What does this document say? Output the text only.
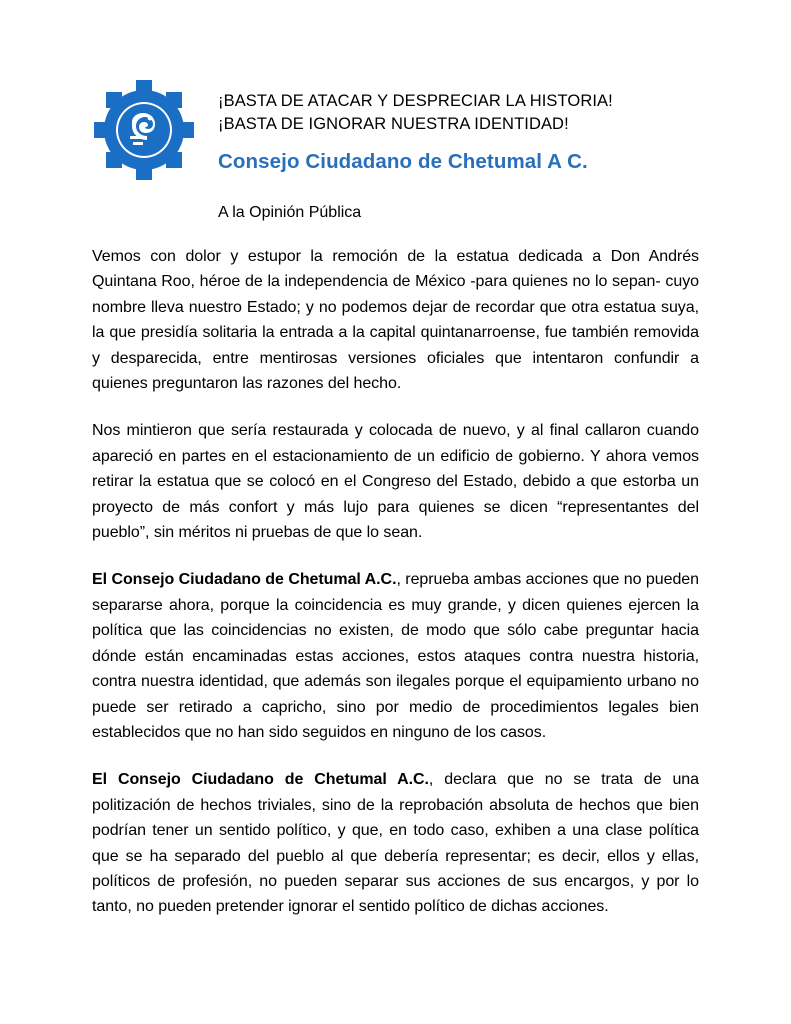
¡BASTA DE ATACAR Y DESPRECIAR LA HISTORIA!
¡BASTA DE IGNORAR NUESTRA IDENTIDAD!
Consejo Ciudadano de Chetumal A C.
A la Opinión Pública

Vemos con dolor y estupor la remoción de la estatua dedicada a Don Andrés Quintana Roo, héroe de la independencia de México -para quienes no lo sepan- cuyo nombre lleva nuestro Estado; y no podemos dejar de recordar que otra estatua suya, la que presidía solitaria la entrada a la capital quintanarroense, fue también removida y desparecida, entre mentirosas versiones oficiales que intentaron confundir a quienes preguntaron las razones del hecho.

Nos mintieron que sería restaurada y colocada de nuevo, y al final callaron cuando apareció en partes en el estacionamiento de un edificio de gobierno. Y ahora vemos retirar la estatua que se colocó en el Congreso del Estado, debido a que estorba un proyecto de más confort y más lujo para quienes se dicen “representantes del pueblo”, sin méritos ni pruebas de que lo sean.

El Consejo Ciudadano de Chetumal A.C., reprueba ambas acciones que no pueden separarse ahora, porque la coincidencia es muy grande, y dicen quienes ejercen la política que las coincidencias no existen, de modo que sólo cabe preguntar hacia dónde están encaminadas estas acciones, estos ataques contra nuestra historia, contra nuestra identidad, que además son ilegales porque el equipamiento urbano no puede ser retirado a capricho, sino por medio de procedimientos legales bien establecidos que no han sido seguidos en ninguno de los casos.

El Consejo Ciudadano de Chetumal A.C., declara que no se trata de una politización de hechos triviales, sino de la reprobación absoluta de hechos que bien podrían tener un sentido político, y que, en todo caso, exhiben a una clase política que se ha separado del pueblo al que debería representar; es decir, ellos y ellas, políticos de profesión, no pueden separar sus acciones de sus encargos, y por lo tanto, no pueden pretender ignorar el sentido político de dichas acciones.
